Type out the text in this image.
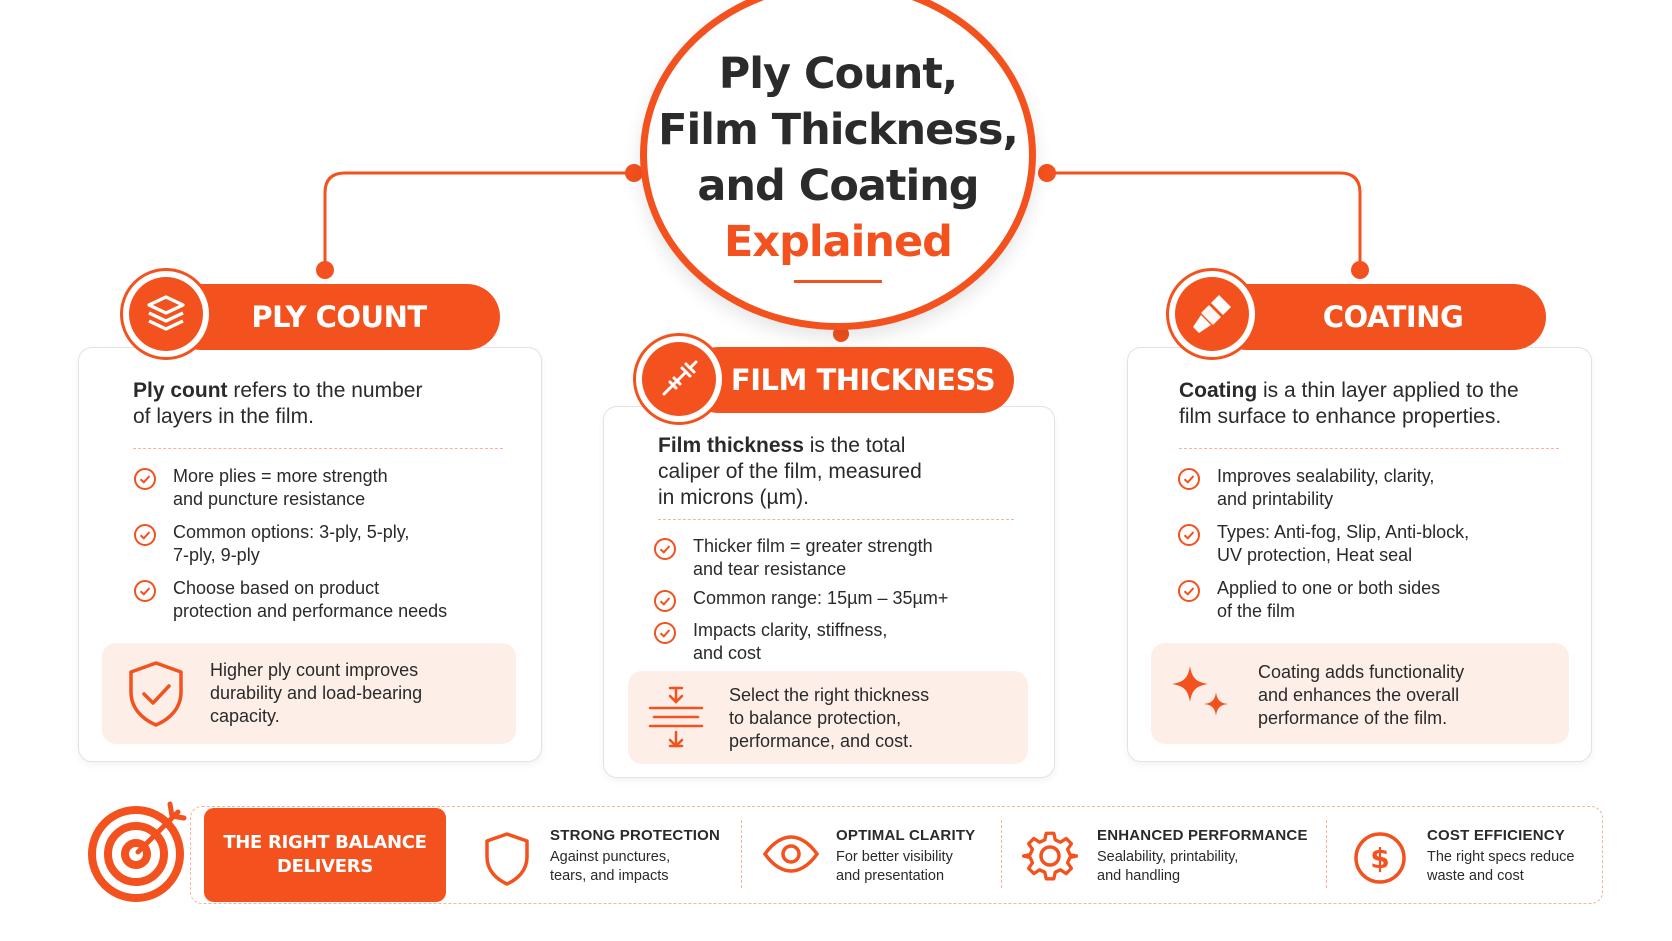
Ply Count,
Film Thickness,
and Coating
Explained
PLY COUNT
Ply count refers to the number
of layers in the film.
More plies = more strength
and puncture resistance
Common options: 3-ply, 5-ply,
7-ply, 9-ply
Choose based on product
protection and performance needs
Higher ply count improves
durability and load-bearing
capacity.
FILM THICKNESS
Film thickness is the total
caliper of the film, measured
in microns (µm).
Thicker film = greater strength
and tear resistance
Common range: 15µm – 35µm+
Impacts clarity, stiffness,
and cost
Select the right thickness
to balance protection,
performance, and cost.
COATING
Coating is a thin layer applied to the
film surface to enhance properties.
Improves sealability, clarity,
and printability
Types: Anti-fog, Slip, Anti-block,
UV protection, Heat seal
Applied to one or both sides
of the film
Coating adds functionality
and enhances the overall
performance of the film.
THE RIGHT BALANCE
DELIVERS
STRONG PROTECTION
Against punctures,
tears, and impacts
OPTIMAL CLARITY
For better visibility
and presentation
ENHANCED PERFORMANCE
Sealability, printability,
and handling
$
COST EFFICIENCY
The right specs reduce
waste and cost
